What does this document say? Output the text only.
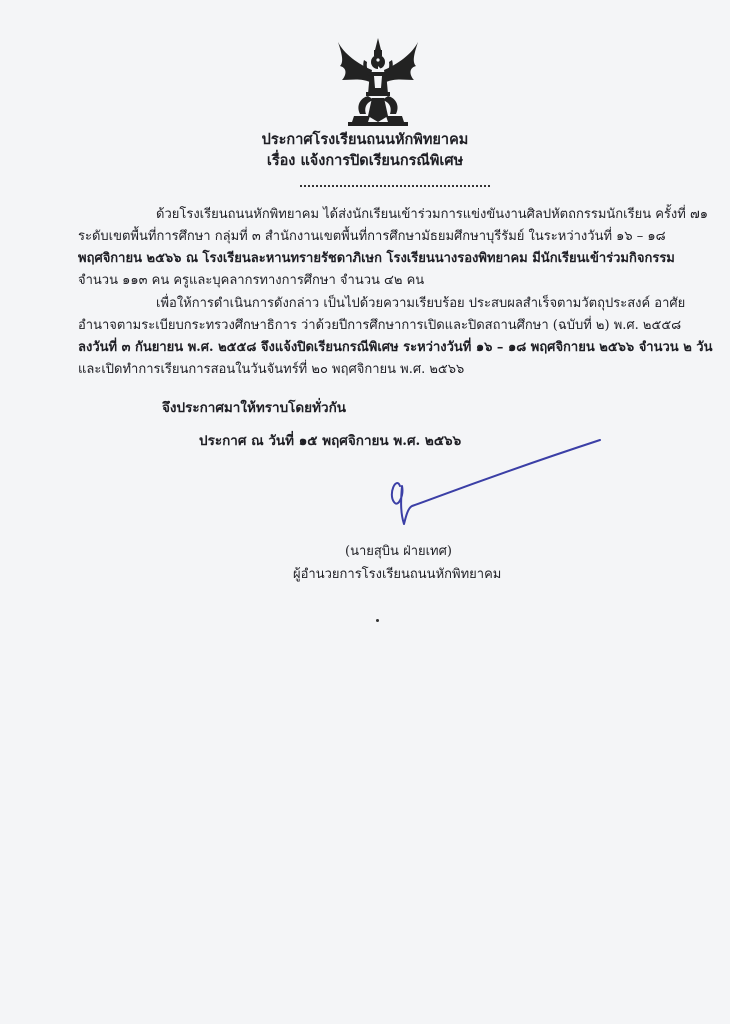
ประกาศโรงเรียนถนนหักพิทยาคม
เรื่อง แจ้งการปิดเรียนกรณีพิเศษ
ด้วยโรงเรียนถนนหักพิทยาคม ได้ส่งนักเรียนเข้าร่วมการแข่งขันงานศิลปหัตถกรรมนักเรียน ครั้งที่ ๗๑
ระดับเขตพื้นที่การศึกษา กลุ่มที่ ๓ สำนักงานเขตพื้นที่การศึกษามัธยมศึกษาบุรีรัมย์ ในระหว่างวันที่ ๑๖ – ๑๘
พฤศจิกายน ๒๕๖๖ ณ โรงเรียนละหานทรายรัชดาภิเษก โรงเรียนนางรองพิทยาคม มีนักเรียนเข้าร่วมกิจกรรม
จำนวน ๑๑๓ คน ครูและบุคลากรทางการศึกษา จำนวน ๔๒ คน
เพื่อให้การดำเนินการดังกล่าว เป็นไปด้วยความเรียบร้อย ประสบผลสำเร็จตามวัตถุประสงค์ อาศัย
อำนาจตามระเบียบกระทรวงศึกษาธิการ ว่าด้วยปีการศึกษาการเปิดและปิดสถานศึกษา (ฉบับที่ ๒) พ.ศ. ๒๕๕๘
ลงวันที่ ๓ กันยายน พ.ศ. ๒๕๕๘ จึงแจ้งปิดเรียนกรณีพิเศษ ระหว่างวันที่ ๑๖ – ๑๘ พฤศจิกายน ๒๕๖๖ จำนวน ๒ วัน
และเปิดทำการเรียนการสอนในวันจันทร์ที่ ๒๐ พฤศจิกายน พ.ศ. ๒๕๖๖
จึงประกาศมาให้ทราบโดยทั่วกัน
ประกาศ ณ วันที่ ๑๕ พฤศจิกายน พ.ศ. ๒๕๖๖
(นายสุบิน ฝ่ายเทศ)
ผู้อำนวยการโรงเรียนถนนหักพิทยาคม
